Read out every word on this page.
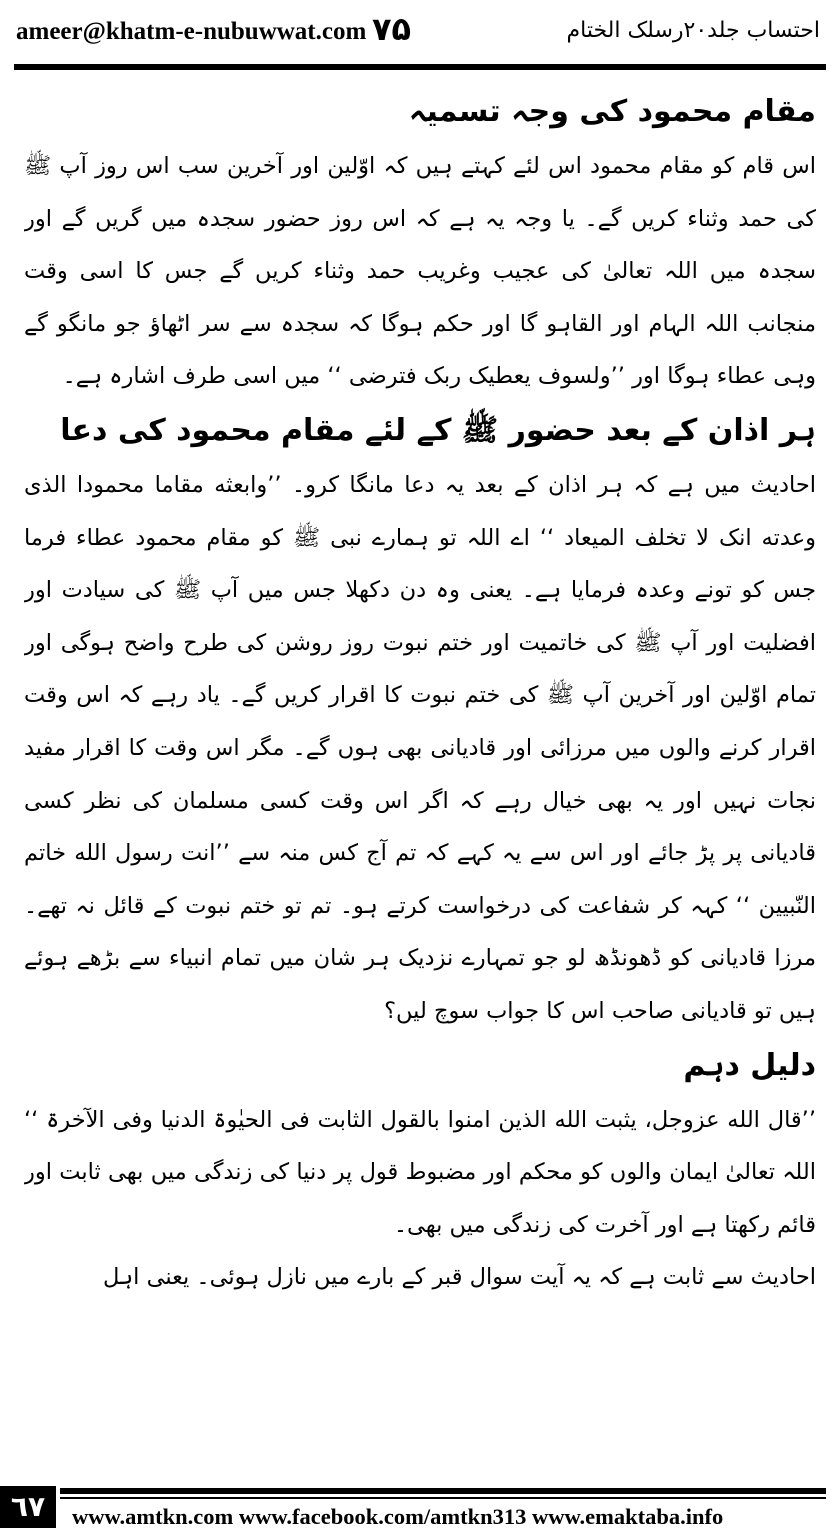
ameer@khatm-e-nubuwwat.com ۷۵	احتساب جلد۲۰رسلک الختام
مقام محمود کی وجہ تسمیہ

اس قام کو مقام محمود اس لئے کہتے ہیں کہ اوّلین اور آخرین سب اس روز آپ ﷺ کی حمد وثناء کریں گے۔ یا وجہ یہ ہے کہ اس روز حضور سجدہ میں گریں گے اور سجدہ میں اللہ تعالیٰ کی عجیب وغریب حمد وثناء کریں گے جس کا اسی وقت منجانب اللہ الہام اور القاہو گا اور حکم ہوگا کہ سجدہ سے سر اٹھاؤ جو مانگو گے وہی عطاء ہوگا اور ’’ولسوف یعطیک ربک فترضی ‘‘ میں اسی طرف اشارہ ہے۔

ہر اذان کے بعد حضور ﷺ کے لئے مقام محمود کی دعا

احادیث میں ہے کہ ہر اذان کے بعد یہ دعا مانگا کرو۔ ’’وابعثه مقاما محمودا الذی وعدته انک لا تخلف المیعاد ‘‘ اے اللہ تو ہمارے نبی ﷺ کو مقام محمود عطاء فرما جس کو تونے وعدہ فرمایا ہے۔ یعنی وہ دن دکھلا جس میں آپ ﷺ کی سیادت اور افضلیت اور آپ ﷺ کی خاتمیت اور ختم نبوت روز روشن کی طرح واضح ہوگی اور تمام اوّلین اور آخرین آپ ﷺ کی ختم نبوت کا اقرار کریں گے۔ یاد رہے کہ اس وقت اقرار کرنے والوں میں مرزائی اور قادیانی بھی ہوں گے۔ مگر اس وقت کا اقرار مفید نجات نہیں اور یہ بھی خیال رہے کہ اگر اس وقت کسی مسلمان کی نظر کسی قادیانی پر پڑ جائے اور اس سے یہ کہے کہ تم آج کس منہ سے ’’انت رسول الله خاتم النّبیین ‘‘ کہہ کر شفاعت کی درخواست کرتے ہو۔ تم تو ختم نبوت کے قائل نہ تھے۔ مرزا قادیانی کو ڈھونڈھ لو جو تمہارے نزدیک ہر شان میں تمام انبیاء سے بڑھے ہوئے ہیں تو قادیانی صاحب اس کا جواب سوچ لیں؟

دلیل دہم

’’قال الله عزوجل، یثبت الله الذین امنوا بالقول الثابت فی الحیٰوۃ الدنیا وفی الآخرۃ ‘‘ اللہ تعالیٰ ایمان والوں کو محکم اور مضبوط قول پر دنیا کی زندگی میں بھی ثابت اور قائم رکھتا ہے اور آخرت کی زندگی میں بھی۔

احادیث سے ثابت ہے کہ یہ آیت سوال قبر کے بارے میں نازل ہوئی۔ یعنی اہل

٦٧	www.amtkn.com www.facebook.com/amtkn313 www.emaktaba.info
